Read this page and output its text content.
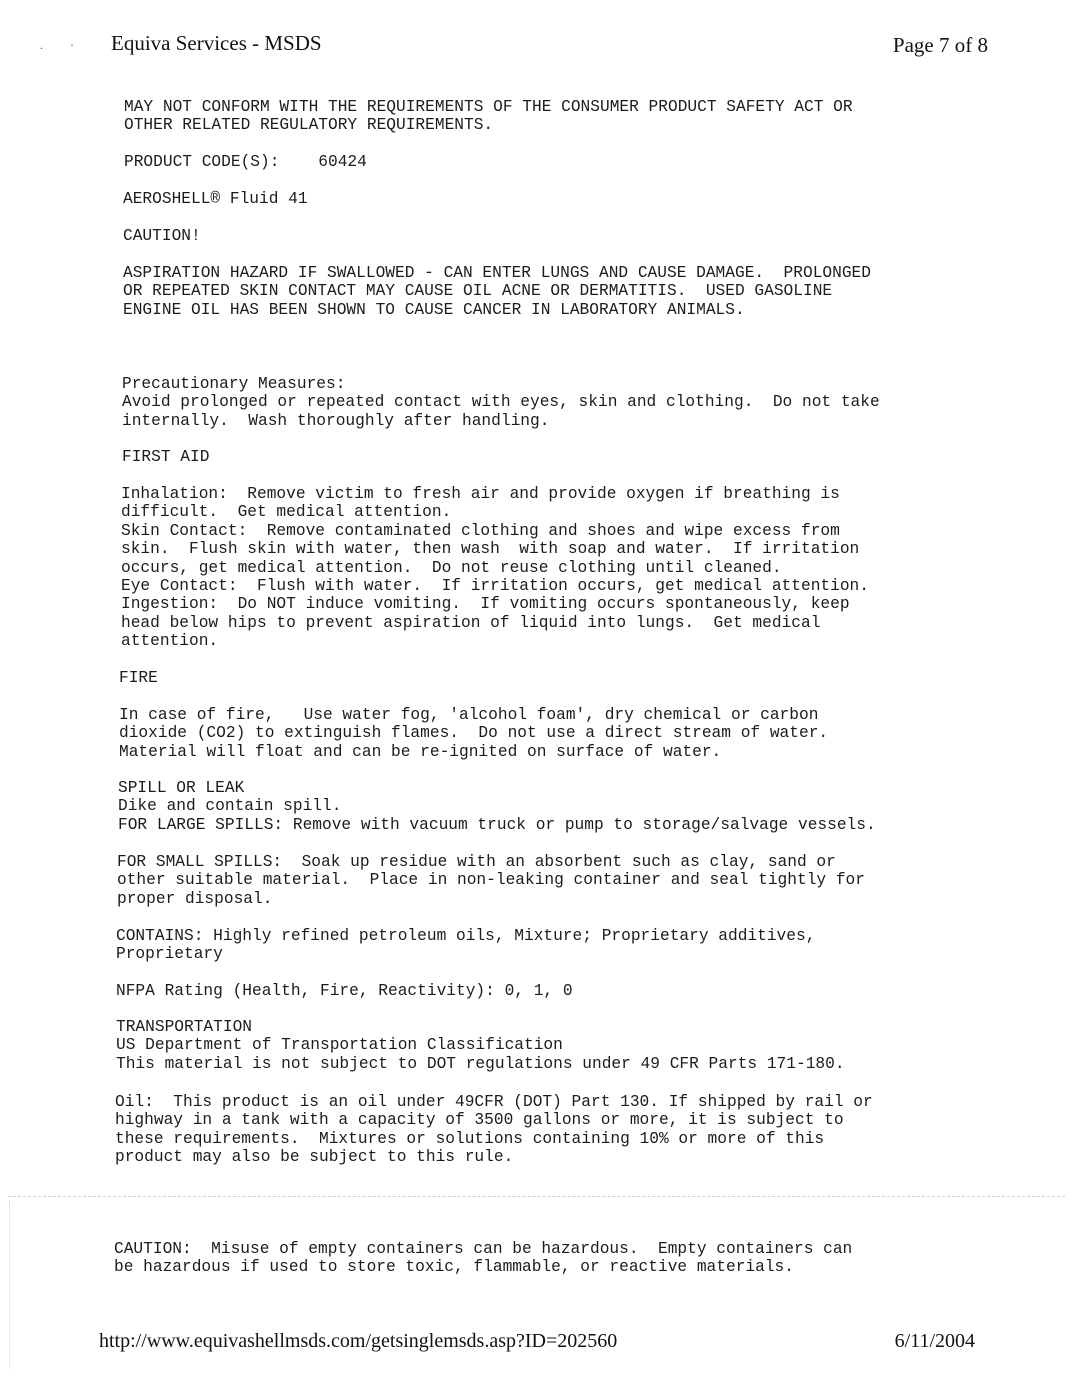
. · Equiva Services - MSDS	Page 7 of 8
MAY NOT CONFORM WITH THE REQUIREMENTS OF THE CONSUMER PRODUCT SAFETY ACT OR
OTHER RELATED REGULATORY REQUIREMENTS.
PRODUCT CODE(S):    60424
AEROSHELL® Fluid 41
CAUTION!
ASPIRATION HAZARD IF SWALLOWED - CAN ENTER LUNGS AND CAUSE DAMAGE.  PROLONGED
OR REPEATED SKIN CONTACT MAY CAUSE OIL ACNE OR DERMATITIS.  USED GASOLINE
ENGINE OIL HAS BEEN SHOWN TO CAUSE CANCER IN LABORATORY ANIMALS.
Precautionary Measures:
Avoid prolonged or repeated contact with eyes, skin and clothing.  Do not take
internally.  Wash thoroughly after handling.
FIRST AID
Inhalation:  Remove victim to fresh air and provide oxygen if breathing is
difficult.  Get medical attention.
Skin Contact:  Remove contaminated clothing and shoes and wipe excess from
skin.  Flush skin with water, then wash  with soap and water.  If irritation
occurs, get medical attention.  Do not reuse clothing until cleaned.
Eye Contact:  Flush with water.  If irritation occurs, get medical attention.
Ingestion:  Do NOT induce vomiting.  If vomiting occurs spontaneously, keep
head below hips to prevent aspiration of liquid into lungs.  Get medical
attention.
FIRE
In case of fire,   Use water fog, 'alcohol foam', dry chemical or carbon
dioxide (CO2) to extinguish flames.  Do not use a direct stream of water.
Material will float and can be re-ignited on surface of water.
SPILL OR LEAK
Dike and contain spill.
FOR LARGE SPILLS: Remove with vacuum truck or pump to storage/salvage vessels.
FOR SMALL SPILLS:  Soak up residue with an absorbent such as clay, sand or
other suitable material.  Place in non-leaking container and seal tightly for
proper disposal.
CONTAINS: Highly refined petroleum oils, Mixture; Proprietary additives,
Proprietary
NFPA Rating (Health, Fire, Reactivity): 0, 1, 0
TRANSPORTATION
US Department of Transportation Classification
This material is not subject to DOT regulations under 49 CFR Parts 171-180.
Oil:  This product is an oil under 49CFR (DOT) Part 130. If shipped by rail or
highway in a tank with a capacity of 3500 gallons or more, it is subject to
these requirements.  Mixtures or solutions containing 10% or more of this
product may also be subject to this rule.
CAUTION:  Misuse of empty containers can be hazardous.  Empty containers can
be hazardous if used to store toxic, flammable, or reactive materials.
http://www.equivashellmsds.com/getsinglemsds.asp?ID=202560	6/11/2004
